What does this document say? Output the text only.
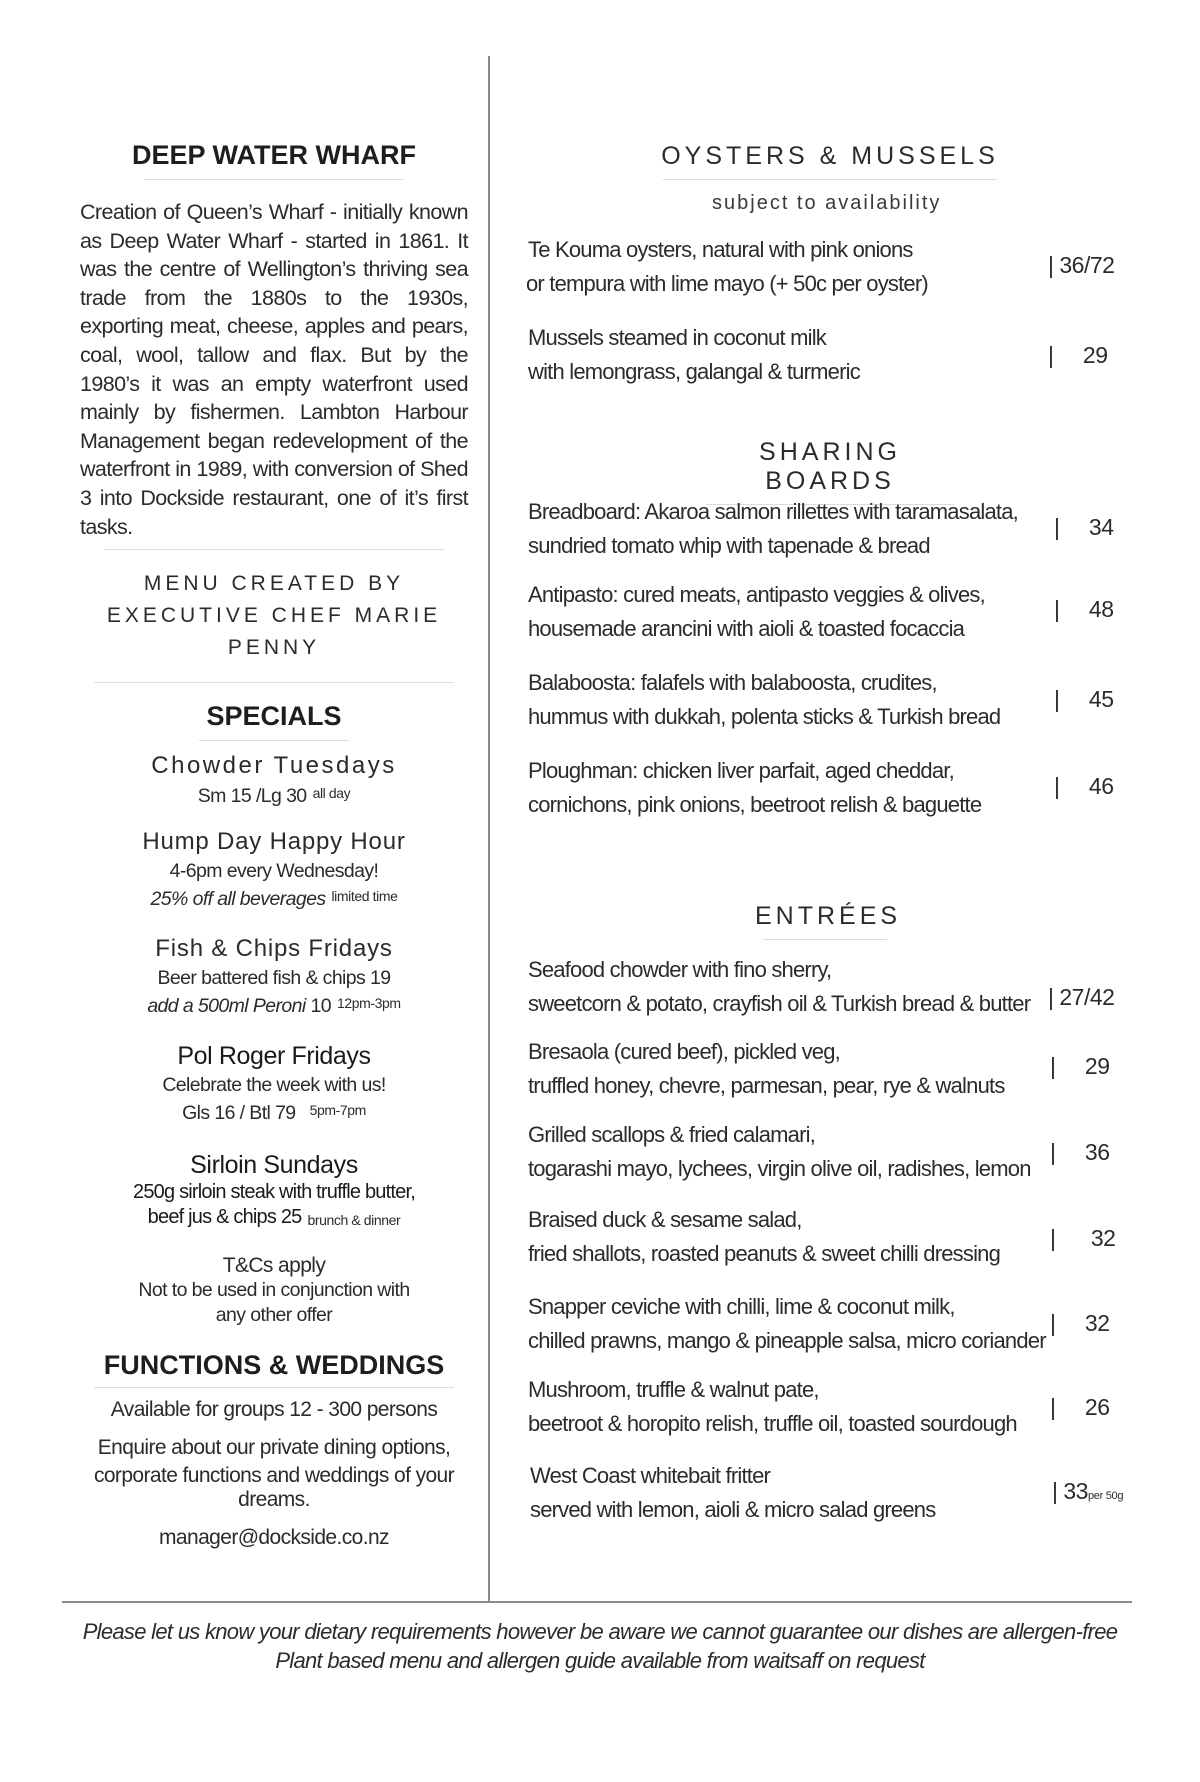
DEEP WATER WHARF

Creation of Queen’s Wharf - initially known as Deep Water Wharf - started in 1861. It was the centre of Wellington’s thriving sea trade from the 1880s to the 1930s, exporting meat, cheese, apples and pears, coal, wool, tallow and flax. But by the 1980’s it was an empty waterfront used mainly by fishermen. Lambton Harbour Management began redevelopment of the waterfront in 1989, with conversion of Shed 3 into Dockside restaurant, one of it’s first tasks.

MENU CREATED BY
EXECUTIVE CHEF MARIE PENNY
SPECIALS
Chowder Tuesdays
Sm 15 /Lg 30 $^{all day}$
Hump Day Happy Hour
4-6pm every Wednesday!
25% off all beverages $^{limited time}$
Fish & Chips Fridays
Beer battered fish & chips 19
add a 500ml Peroni 10 $^{12pm-3pm}$
Pol Roger Fridays
Celebrate the week with us!
Gls 16 / Btl 79 $^{5pm-7pm}$
Sirloin Sundays
250g sirloin steak with truffle butter,
beef jus & chips 25 brunch & dinner
T&Cs apply
Not to be used in conjunction with
any other offer
FUNCTIONS & WEDDINGS
Available for groups 12 - 300 persons
Enquire about our private dining options,
corporate functions and weddings of your
dreams.
manager@dockside.co.nz
OYSTERS & MUSSELS
subject to availability
Te Kouma oysters, natural with pink onions
or tempura with lime mayo (+ 50c per oyster)
| 36/72
Mussels steamed in coconut milk
with lemongrass, galangal & turmeric
|     29
SHARING BOARDS
Breadboard: Akaroa salmon rillettes with taramasalata,
sundried tomato whip with tapenade & bread
|     34
Antipasto: cured meats, antipasto veggies & olives,
housemade arancini with aioli & toasted focaccia
|     48
Balaboosta: falafels with balaboosta, crudites,
hummus with dukkah, polenta sticks & Turkish bread
|     45
Ploughman: chicken liver parfait, aged cheddar,
cornichons, pink onions, beetroot relish & baguette
|     46
ENTRÉES
Seafood chowder with fino sherry,
sweetcorn & potato, crayfish oil & Turkish bread & butter | 27/42
Bresaola (cured beef), pickled veg,
truffled honey, chevre, parmesan, pear, rye & walnuts
|     29
Grilled scallops & fried calamari,
togarashi mayo, lychees, virgin olive oil, radishes, lemon
|     36
Braised duck & sesame salad,
fried shallots, roasted peanuts & sweet chilli dressing
|      32
Snapper ceviche with chilli, lime & coconut milk,
chilled prawns, mango & pineapple salsa, micro coriander
|     32
Mushroom, truffle & walnut pate,
beetroot & horopito relish, truffle oil, toasted sourdough
|     26
West Coast whitebait fritter
served with lemon, aioli & micro salad greens
| 33per 50g
Please let us know your dietary requirements however be aware we cannot guarantee our dishes are allergen-free
Plant based menu and allergen guide available from waitsaff on request
